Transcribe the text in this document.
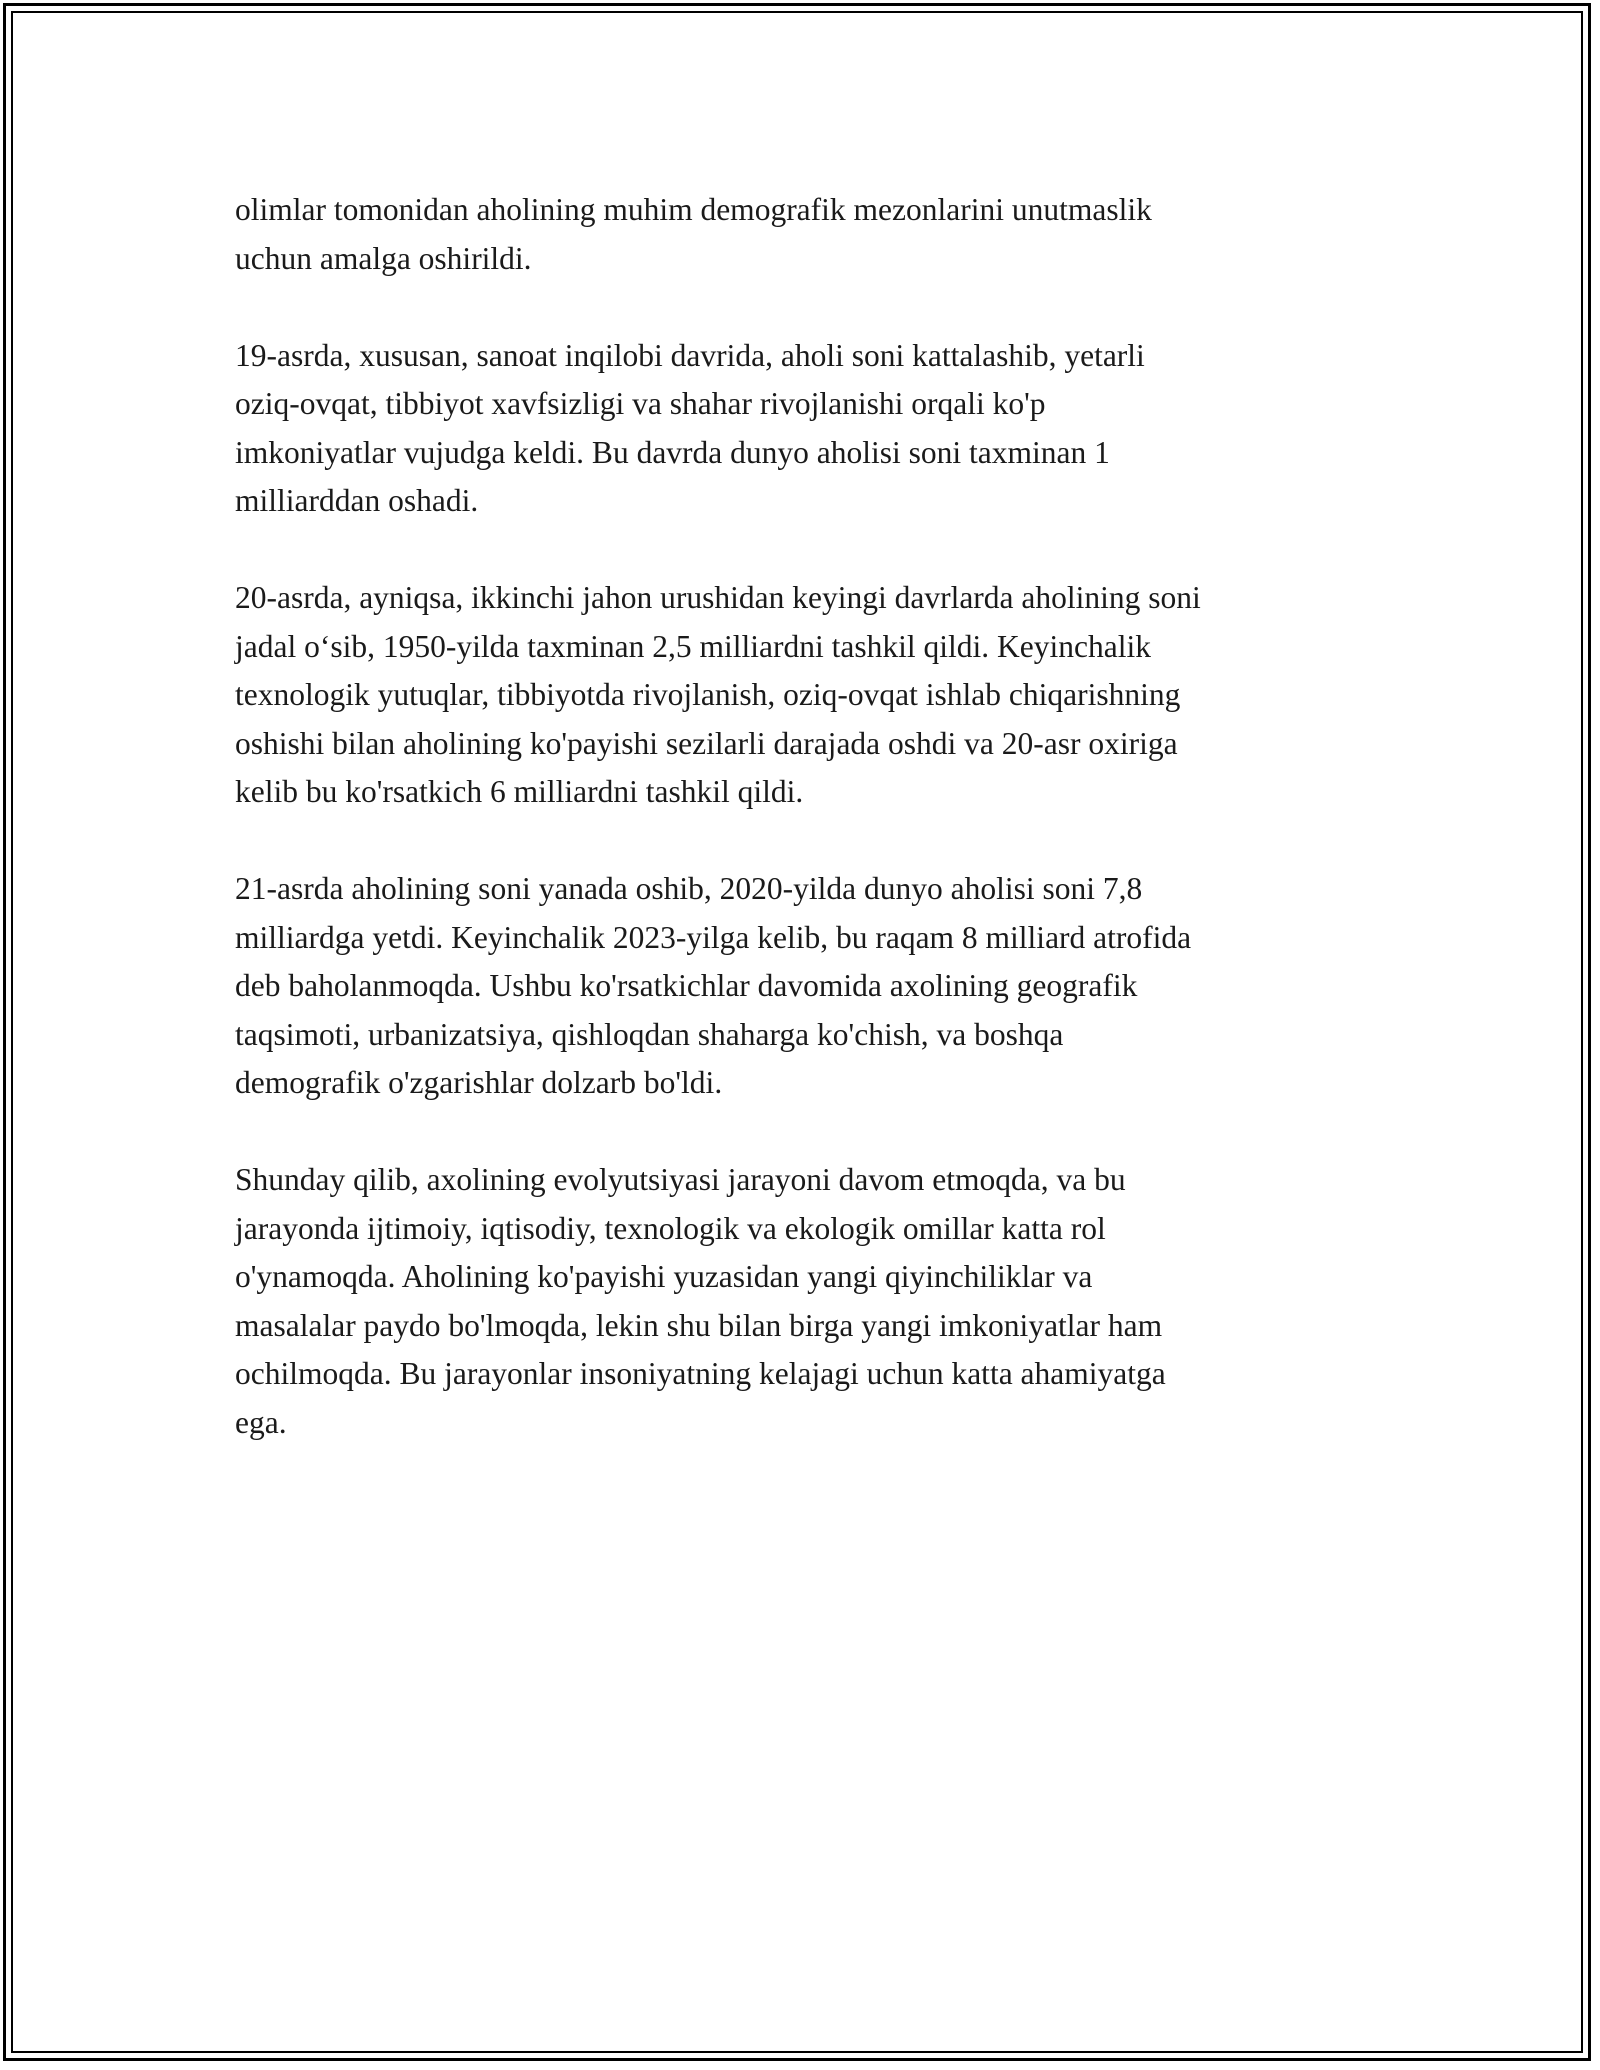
olimlar tomonidan aholining muhim demografik mezonlarini unutmaslik
uchun amalga oshirildi.

19-asrda, xususan, sanoat inqilobi davrida, aholi soni kattalashib, yetarli
oziq-ovqat, tibbiyot xavfsizligi va shahar rivojlanishi orqali ko'p
imkoniyatlar vujudga keldi. Bu davrda dunyo aholisi soni taxminan 1
milliarddan oshadi.

20-asrda, ayniqsa, ikkinchi jahon urushidan keyingi davrlarda aholining soni
jadal o‘sib, 1950-yilda taxminan 2,5 milliardni tashkil qildi. Keyinchalik
texnologik yutuqlar, tibbiyotda rivojlanish, oziq-ovqat ishlab chiqarishning
oshishi bilan aholining ko'payishi sezilarli darajada oshdi va 20-asr oxiriga
kelib bu ko'rsatkich 6 milliardni tashkil qildi.

21-asrda aholining soni yanada oshib, 2020-yilda dunyo aholisi soni 7,8
milliardga yetdi. Keyinchalik 2023-yilga kelib, bu raqam 8 milliard atrofida
deb baholanmoqda. Ushbu ko'rsatkichlar davomida axolining geografik
taqsimoti, urbanizatsiya, qishloqdan shaharga ko'chish, va boshqa
demografik o'zgarishlar dolzarb bo'ldi.

Shunday qilib, axolining evolyutsiyasi jarayoni davom etmoqda, va bu
jarayonda ijtimoiy, iqtisodiy, texnologik va ekologik omillar katta rol
o'ynamoqda. Aholining ko'payishi yuzasidan yangi qiyinchiliklar va
masalalar paydo bo'lmoqda, lekin shu bilan birga yangi imkoniyatlar ham
ochilmoqda. Bu jarayonlar insoniyatning kelajagi uchun katta ahamiyatga
ega.
